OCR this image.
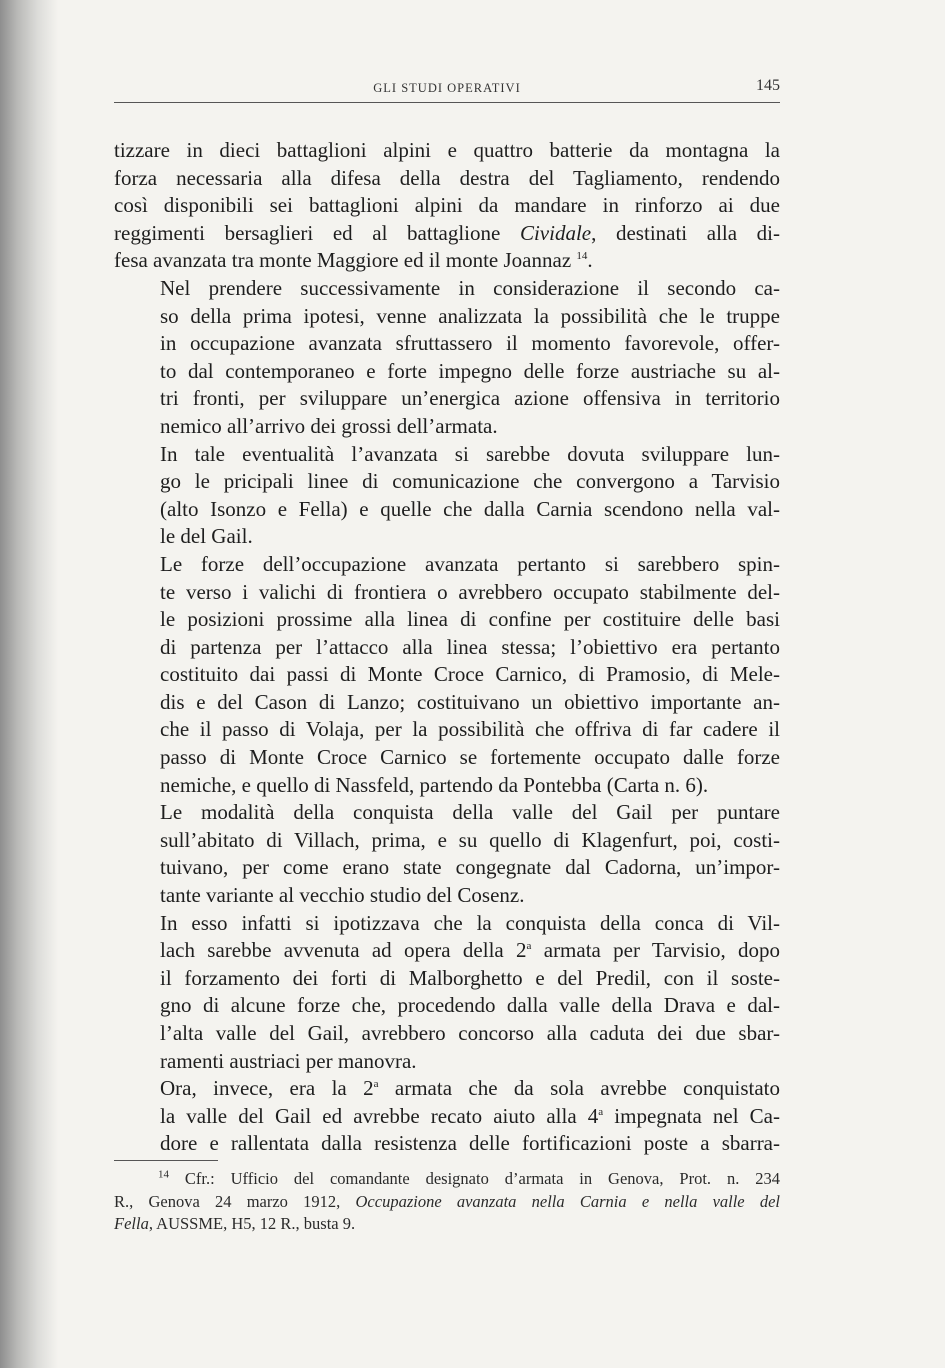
GLI STUDI OPERATIVI	145

tizzare in dieci battaglioni alpini e quattro batterie da montagna la
forza necessaria alla difesa della destra del Tagliamento, rendendo
così disponibili sei battaglioni alpini da mandare in rinforzo ai due
reggimenti bersaglieri ed al battaglione Cividale, destinati alla di-
fesa avanzata tra monte Maggiore ed il monte Joannaz $^{14}$.

Nel prendere successivamente in considerazione il secondo ca-
so della prima ipotesi, venne analizzata la possibilità che le truppe
in occupazione avanzata sfruttassero il momento favorevole, offer-
to dal contemporaneo e forte impegno delle forze austriache su al-
tri fronti, per sviluppare un’energica azione offensiva in territorio
nemico all’arrivo dei grossi dell’armata.

In tale eventualità l’avanzata si sarebbe dovuta sviluppare lun-
go le pricipali linee di comunicazione che convergono a Tarvisio
(alto Isonzo e Fella) e quelle che dalla Carnia scendono nella val-
le del Gail.

Le forze dell’occupazione avanzata pertanto si sarebbero spin-
te verso i valichi di frontiera o avrebbero occupato stabilmente del-
le posizioni prossime alla linea di confine per costituire delle basi
di partenza per l’attacco alla linea stessa; l’obiettivo era pertanto
costituito dai passi di Monte Croce Carnico, di Pramosio, di Mele-
dis e del Cason di Lanzo; costituivano un obiettivo importante an-
che il passo di Volaja, per la possibilità che offriva di far cadere il
passo di Monte Croce Carnico se fortemente occupato dalle forze
nemiche, e quello di Nassfeld, partendo da Pontebba (Carta n. 6).

Le modalità della conquista della valle del Gail per puntare
sull’abitato di Villach, prima, e su quello di Klagenfurt, poi, costi-
tuivano, per come erano state congegnate dal Cadorna, un’impor-
tante variante al vecchio studio del Cosenz.

In esso infatti si ipotizzava che la conquista della conca di Vil-
lach sarebbe avvenuta ad opera della 2$^a$ armata per Tarvisio, dopo
il forzamento dei forti di Malborghetto e del Predil, con il soste-
gno di alcune forze che, procedendo dalla valle della Drava e dal-
l’alta valle del Gail, avrebbero concorso alla caduta dei due sbar-
ramenti austriaci per manovra.

Ora, invece, era la 2$^a$ armata che da sola avrebbe conquistato
la valle del Gail ed avrebbe recato aiuto alla 4$^a$ impegnata nel Ca-
dore e rallentata dalla resistenza delle fortificazioni poste a sbarra-

$^{14}$ Cfr.: Ufficio del comandante designato d’armata in Genova, Prot. n. 234
R., Genova 24 marzo 1912, Occupazione avanzata nella Carnia e nella valle del
Fella, AUSSME, H5, 12 R., busta 9.
